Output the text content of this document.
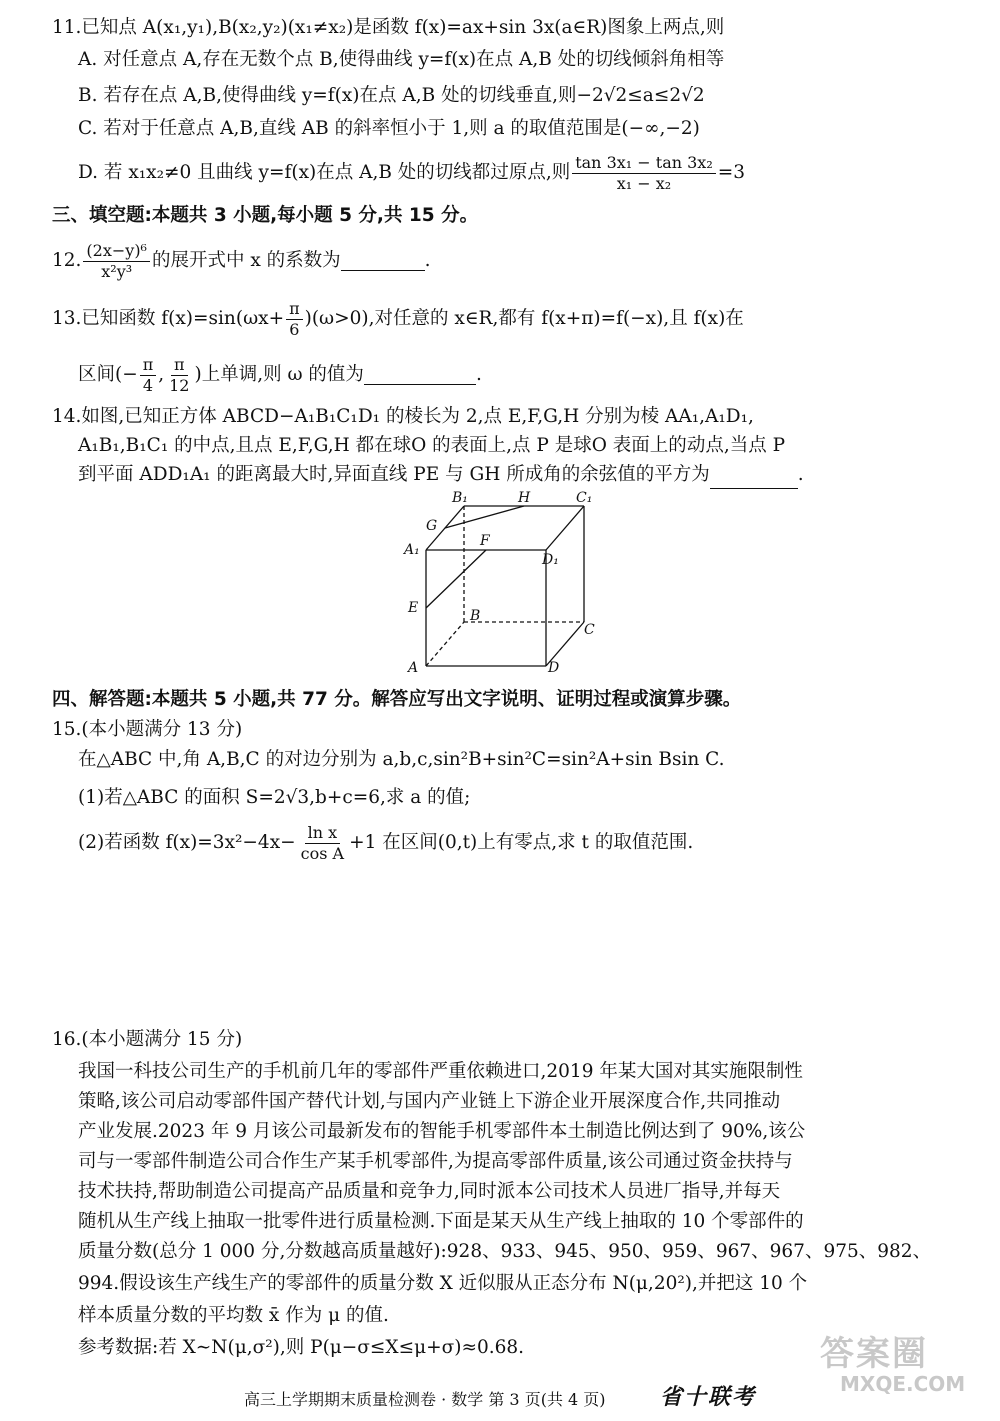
11.已知点 A(x₁,y₁),B(x₂,y₂)(x₁≠x₂)是函数 f(x)=ax+sin 3x(a∈R)图象上两点,则
A. 对任意点 A,存在无数个点 B,使得曲线 y=f(x)在点 A,B 处的切线倾斜角相等
B. 若存在点 A,B,使得曲线 y=f(x)在点 A,B 处的切线垂直,则−2√2≤a≤2√2
C. 若对于任意点 A,B,直线 AB 的斜率恒小于 1,则 a 的取值范围是(−∞,−2)
D. 若 x₁x₂≠0 且曲线 y=f(x)在点 A,B 处的切线都过原点,则 $\frac{\text{tan 3x₁ − tan 3x₂}}{\text{x₁ − x₂}} =3$
三、填空题:本题共 3 小题,每小题 5 分,共 15 分。
12. $\frac{\text{(2x−y)⁶}}{\text{x²y³}}$ 的展开式中 x 的系数为	.
13.已知函数 f(x)=sin ($\omega x+ \frac{\pi}{6}$ ) (ω>0),对任意的 x∈R,都有 f(x+π)=f(−x),且 f(x)在
区间(− $\frac{\pi}{4}$ , $\frac{\pi}{12}$ )上单调,则 ω 的值为	.
14.如图,已知正方体 ABCD−A₁B₁C₁D₁ 的棱长为 2,点 E,F,G,H 分别为棱 AA₁,A₁D₁,
A₁B₁,B₁C₁ 的中点,且点 E,F,G,H 都在球O 的表面上,点 P 是球O 表面上的动点,当点 P
到平面 ADD₁A₁ 的距离最大时,异面直线 PE 与 GH 所成角的余弦值的平方为	.
B₁	H	C₁
G
F
A₁
D₁
E	B
C
A	D
四、解答题:本题共 5 小题,共 77 分。解答应写出文字说明、证明过程或演算步骤。
15.(本小题满分 13 分)
在△ABC 中,角 A,B,C 的对边分别为 a,b,c,sin²B+sin²C=sin²A+sin Bsin C.
(1)若△ABC 的面积 S=2√3,b+c=6,求 a 的值;
(2)若函数 $f(x)=3x^2-4x- \frac{\text{ln x}}{\text{cos A}} +1$ 在区间(0,t)上有零点,求 t 的取值范围.
16.(本小题满分 15 分)
我国一科技公司生产的手机前几年的零部件严重依赖进口,2019 年某大国对其实施限制性
策略,该公司启动零部件国产替代计划,与国内产业链上下游企业开展深度合作,共同推动
产业发展.2023 年 9 月该公司最新发布的智能手机零部件本土制造比例达到了 90%,该公
司与一零部件制造公司合作生产某手机零部件,为提高零部件质量,该公司通过资金扶持与
技术扶持,帮助制造公司提高产品质量和竞争力,同时派本公司技术人员进厂指导,并每天
随机从生产线上抽取一批零件进行质量检测.下面是某天从生产线上抽取的 10 个零部件的
质量分数(总分 1 000 分,分数越高质量越好):928、933、945、950、959、967、967、975、982、
994.假设该生产线生产的零部件的质量分数 X 近似服从正态分布 N(μ,20²),并把这 10 个
样本质量分数的平均数 x̄ 作为 μ 的值.
参考数据:若 X∼N(μ,σ²),则 P(μ−σ≤X≤μ+σ)≈0.68.
高三上学期期末质量检测卷 · 数学 第 3 页(共 4 页) 省十联考
答案圈
MXQE.COM
